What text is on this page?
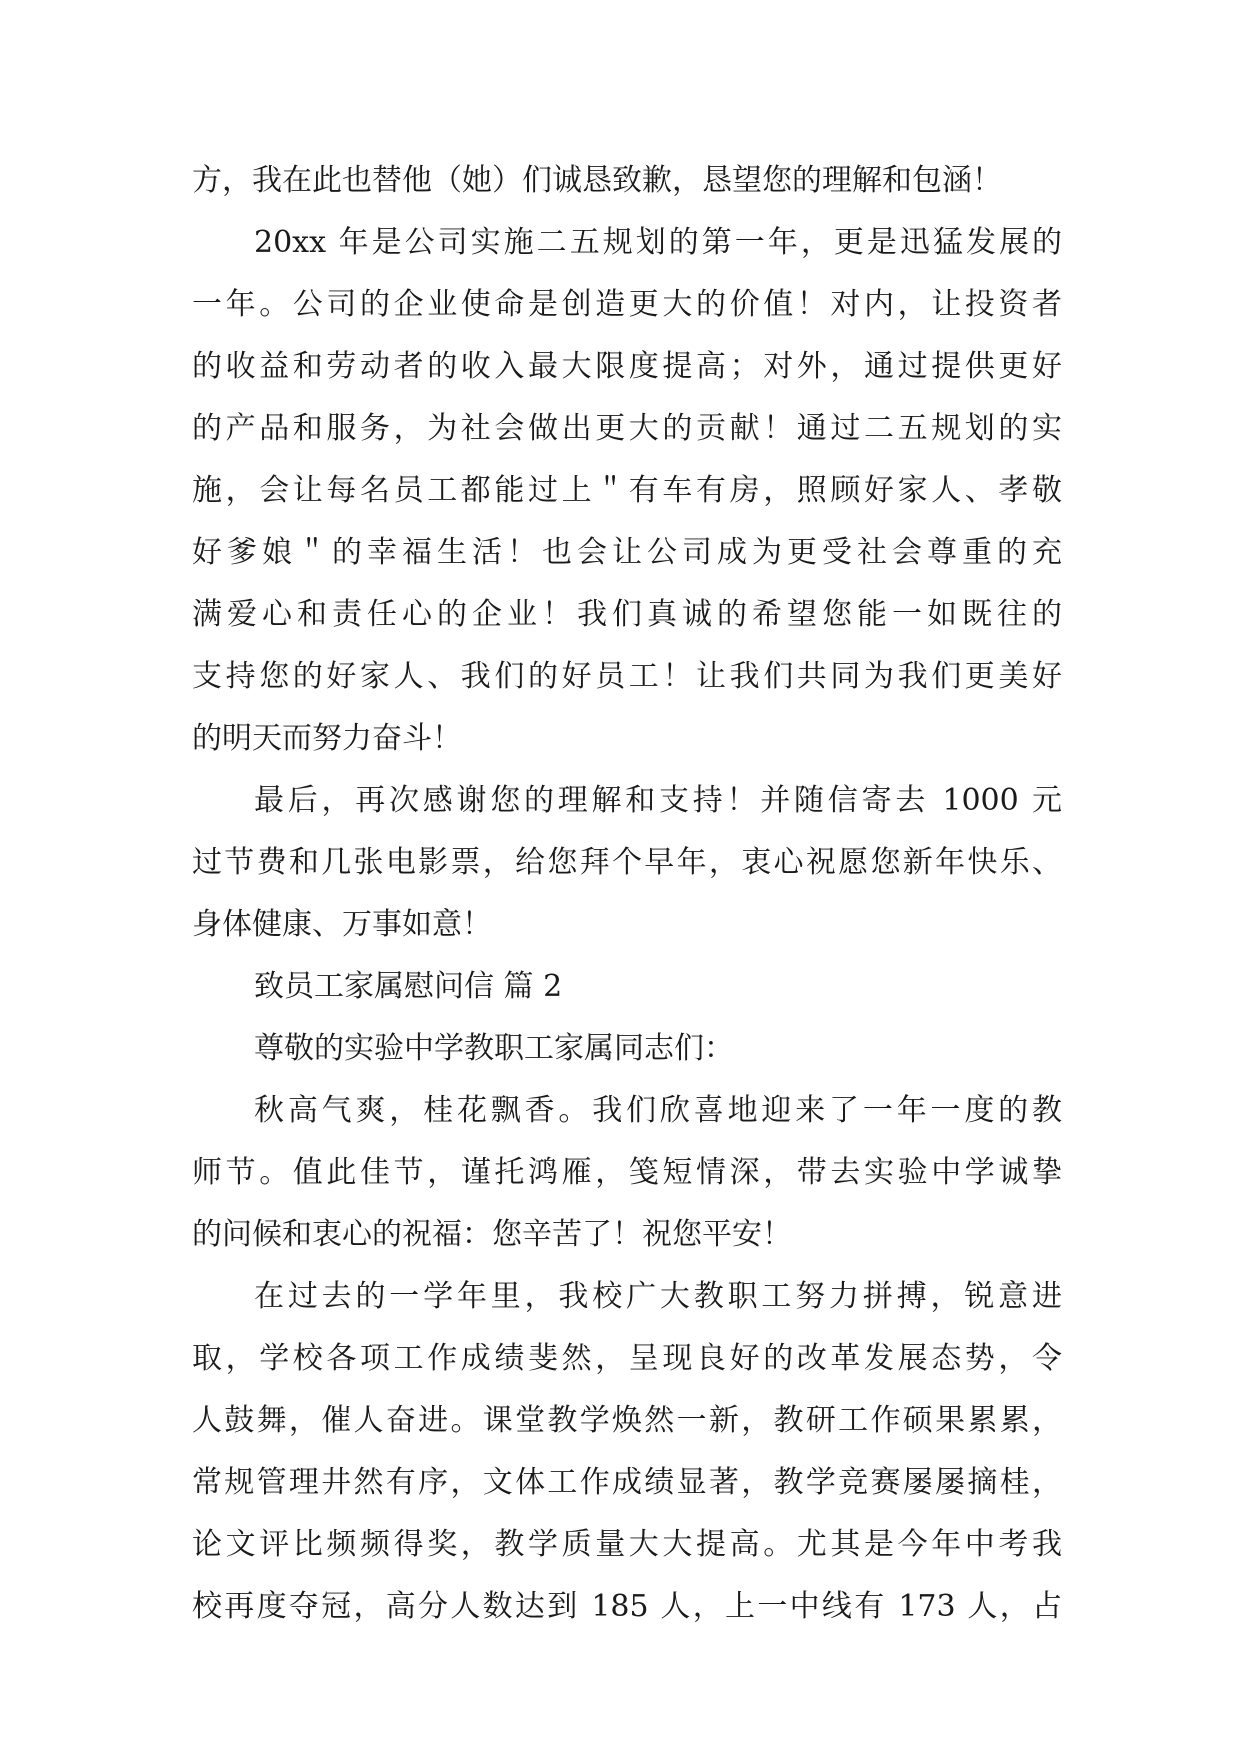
方，我在此也替他（她）们诚恳致歉，恳望您的理解和包涵！
20xx 年是公司实施二五规划的第一年，更是迅猛发展的
一年。公司的企业使命是创造更大的价值！对内，让投资者
的收益和劳动者的收入最大限度提高；对外，通过提供更好
的产品和服务，为社会做出更大的贡献！通过二五规划的实
施，会让每名员工都能过上＂有车有房，照顾好家人、孝敬
好爹娘＂的幸福生活！也会让公司成为更受社会尊重的充
满爱心和责任心的企业！我们真诚的希望您能一如既往的
支持您的好家人、我们的好员工！让我们共同为我们更美好
的明天而努力奋斗！
最后，再次感谢您的理解和支持！并随信寄去 1000 元
过节费和几张电影票，给您拜个早年，衷心祝愿您新年快乐、
身体健康、万事如意！
致员工家属慰问信 篇 2
尊敬的实验中学教职工家属同志们：
秋高气爽，桂花飘香。我们欣喜地迎来了一年一度的教
师节。值此佳节，谨托鸿雁，笺短情深，带去实验中学诚挚
的问候和衷心的祝福：您辛苦了！祝您平安！
在过去的一学年里，我校广大教职工努力拼搏，锐意进
取，学校各项工作成绩斐然，呈现良好的改革发展态势，令
人鼓舞，催人奋进。课堂教学焕然一新，教研工作硕果累累，
常规管理井然有序，文体工作成绩显著，教学竞赛屡屡摘桂，
论文评比频频得奖，教学质量大大提高。尤其是今年中考我
校再度夺冠，高分人数达到 185 人，上一中线有 173 人，占
